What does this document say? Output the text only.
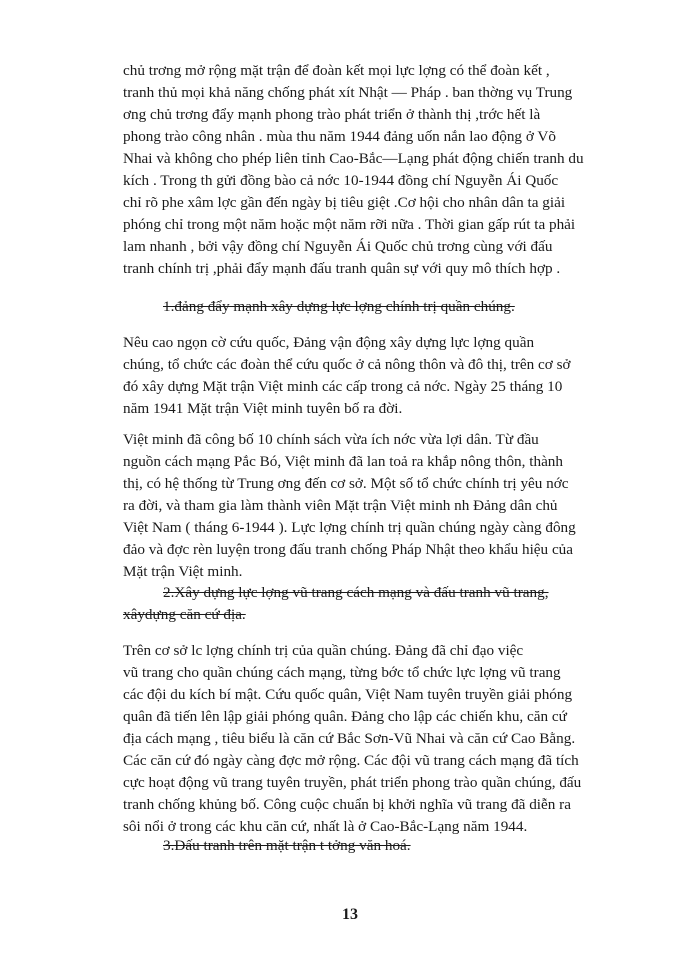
chủ trơng mở rộng mặt trận để đoàn kết mọi lực lợng có thể đoàn kết ,
tranh thủ mọi khả năng chống phát xít Nhật — Pháp . ban thờng vụ Trung
ơng chủ trơng đẩy mạnh phong trào phát triển ở thành thị ,trớc hết là
phong trào công nhân . mùa thu năm 1944 đảng uốn nắn lao động ở Võ
Nhai và không cho phép liên tỉnh Cao-Bắc—Lạng phát động chiến tranh du
kích . Trong th gửi đồng bào cả nớc 10-1944 đồng chí Nguyễn Ái Quốc
chỉ rõ phe xâm lợc gần đến ngày bị tiêu giệt .Cơ hội cho nhân dân ta giải
phóng chỉ trong một năm hoặc một năm rỡi nữa . Thời gian gấp rút ta phải
lam nhanh , bởi vậy đồng chí Nguyễn Ái Quốc chủ trơng cùng với đấu
tranh chính trị ,phải đẩy mạnh đấu tranh quân sự với quy mô thích hợp .

1.đảng đẩy mạnh xây dựng lực lợng chính trị quần chúng.

Nêu cao ngọn cờ cứu quốc, Đảng vận động xây dựng lực lợng quần
chúng, tổ chức các đoàn thể cứu quốc ở cả nông thôn và đô thị, trên cơ sở
đó xây dựng Mặt trận Việt minh các cấp trong cả nớc. Ngày 25 tháng 10
năm 1941 Mặt trận Việt minh tuyên bố ra đời.
Việt minh đã công bố 10 chính sách vừa ích nớc vừa lợi dân. Từ đầu
nguồn cách mạng Pắc Bó, Việt minh đã lan toả ra khắp nông thôn, thành
thị, có hệ thống từ Trung ơng đến cơ sở. Một số tổ chức chính trị yêu nớc
ra đời, và tham gia làm thành viên Mặt trận Việt minh nh Đảng dân chủ
Việt Nam ( tháng 6-1944 ). Lực lợng chính trị quần chúng ngày càng đông
đảo và đợc rèn luyện trong đấu tranh chống Pháp Nhật theo khẩu hiệu của
Mặt trận Việt minh.

2.Xây dựng lực lợng vũ trang cách mạng và đấu tranh vũ trang,

xâydựng căn cứ địa.

Trên cơ sở lc lợng chính trị của quần chúng. Đảng đã chỉ đạo việc
vũ trang cho quần chúng cách mạng, từng bớc tổ chức lực lợng vũ trang
các đội du kích bí mật. Cứu quốc quân, Việt Nam tuyên truyền giải phóng
quân đã tiến lên lập giải phóng quân. Đảng cho lập các chiến khu, căn cứ
địa cách mạng , tiêu biểu là căn cứ Bắc Sơn-Vũ Nhai và căn cứ Cao Bằng.
Các căn cứ đó ngày càng đợc mở rộng. Các đội vũ trang cách mạng đã tích
cực hoạt động vũ trang tuyên truyền, phát triển phong trào quần chúng, đấu
tranh chống khủng bố. Công cuộc chuẩn bị khởi nghĩa vũ trang đã diễn ra
sôi nổi ở trong các khu căn cứ, nhất là ở Cao-Bắc-Lạng năm 1944.

3.Đấu tranh trên mặt trận t tởng văn hoá.

13
